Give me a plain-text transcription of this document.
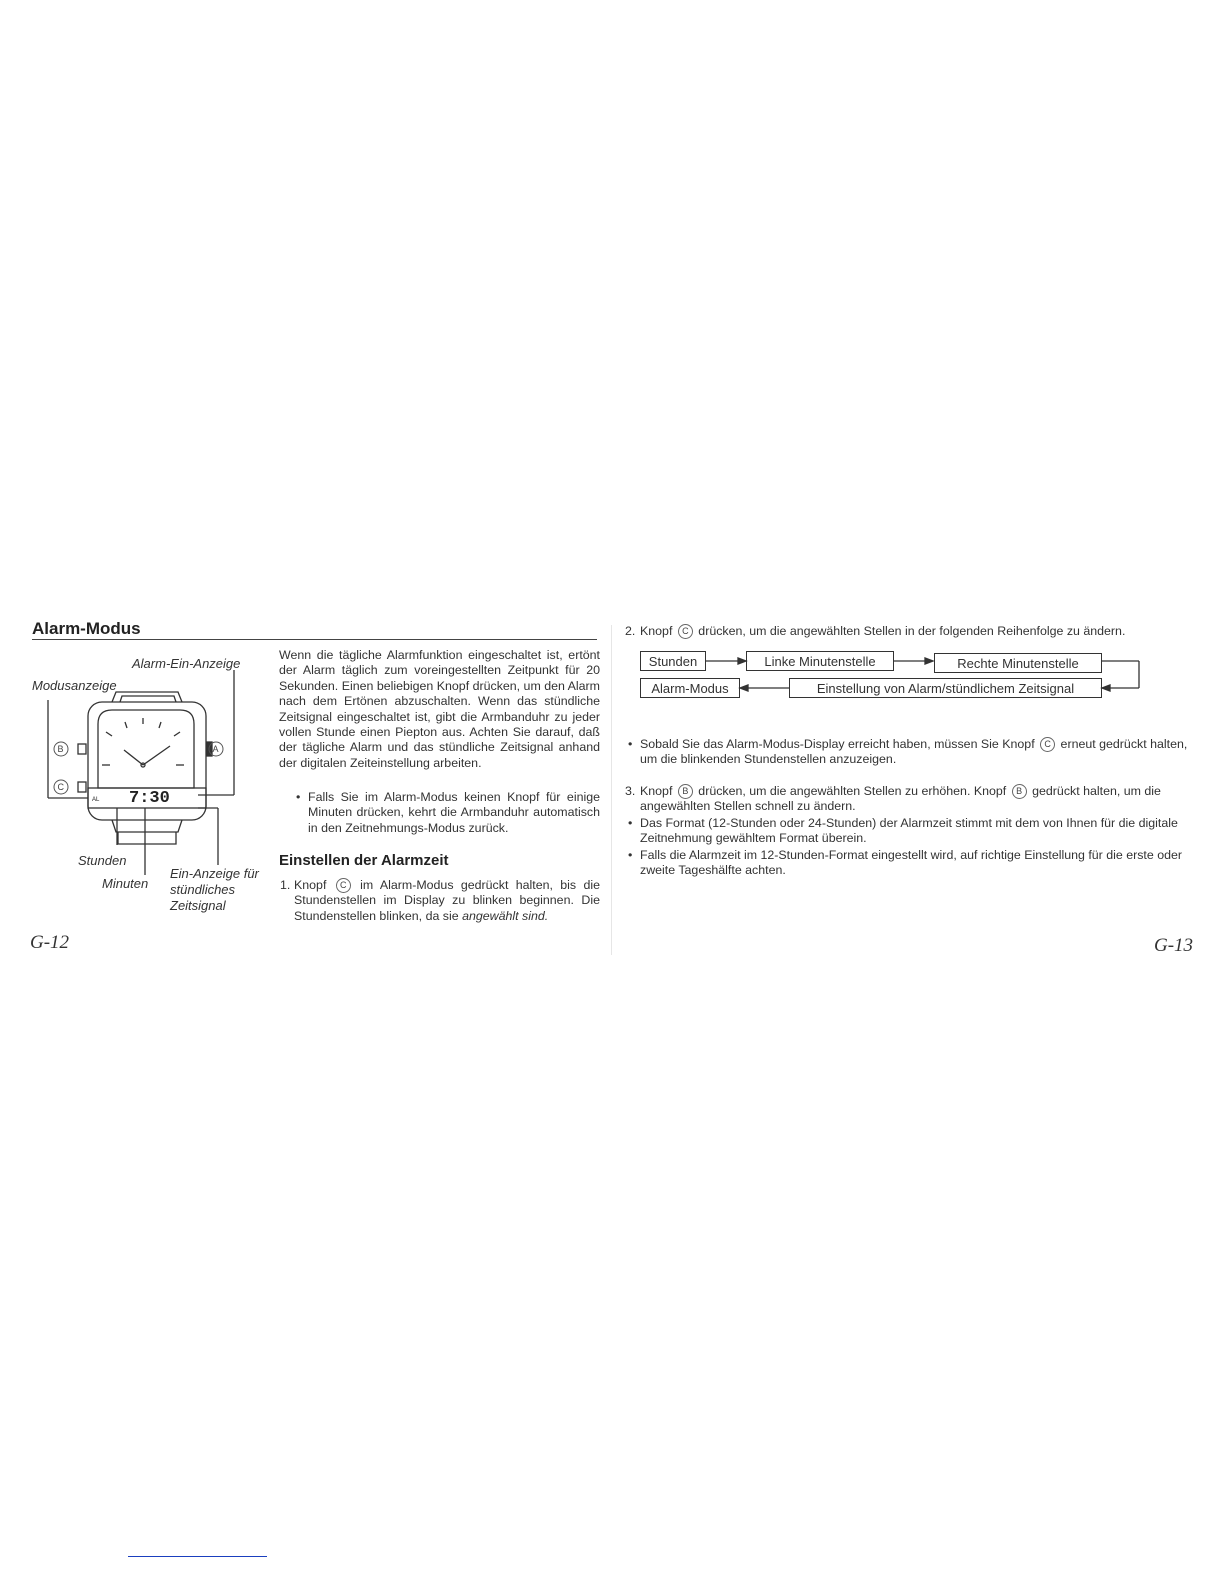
Alarm-Modus
7:30
AL
B
C
A
Alarm-Ein-Anzeige
Modusanzeige
Stunden
Minuten
Ein-Anzeige für
stündliches
Zeitsignal
Wenn die tägliche Alarmfunktion eingeschaltet ist, ertönt der Alarm täglich zum voreingestellten Zeitpunkt für 20 Sekunden. Einen beliebigen Knopf drücken, um den Alarm nach dem Ertönen abzuschalten. Wenn das stündliche Zeitsignal eingeschaltet ist, gibt die Armbanduhr zu jeder vollen Stunde einen Piepton aus. Achten Sie darauf, daß der tägliche Alarm und das stündliche Zeitsignal anhand der digitalen Zeiteinstellung arbeiten.
• Falls Sie im Alarm-Modus keinen Knopf für einige Minuten drücken, kehrt die Armbanduhr automatisch in den Zeitnehmungs-Modus zurück.
Einstellen der Alarmzeit
1. Knopf C im Alarm-Modus gedrückt halten, bis die Stundenstellen im Display zu blinken beginnen. Die Stundenstellen blinken, da sie angewählt sind.
G-12
2. Knopf C drücken, um die angewählten Stellen in der folgenden Reihenfolge zu ändern.
Stunden	Linke Minutenstelle	Rechte Minutenstelle
Alarm-Modus	Einstellung von Alarm/stündlichem Zeitsignal
• Sobald Sie das Alarm-Modus-Display erreicht haben, müssen Sie Knopf C erneut gedrückt halten, um die blinkenden Stundenstellen anzuzeigen.
3. Knopf B drücken, um die angewählten Stellen zu erhöhen. Knopf B gedrückt halten, um die angewählten Stellen schnell zu ändern.
• Das Format (12-Stunden oder 24-Stunden) der Alarmzeit stimmt mit dem von Ihnen für die digitale Zeitnehmung gewähltem Format überein.
• Falls die Alarmzeit im 12-Stunden-Format eingestellt wird, auf richtige Einstellung für die erste oder zweite Tageshälfte achten.
G-13
